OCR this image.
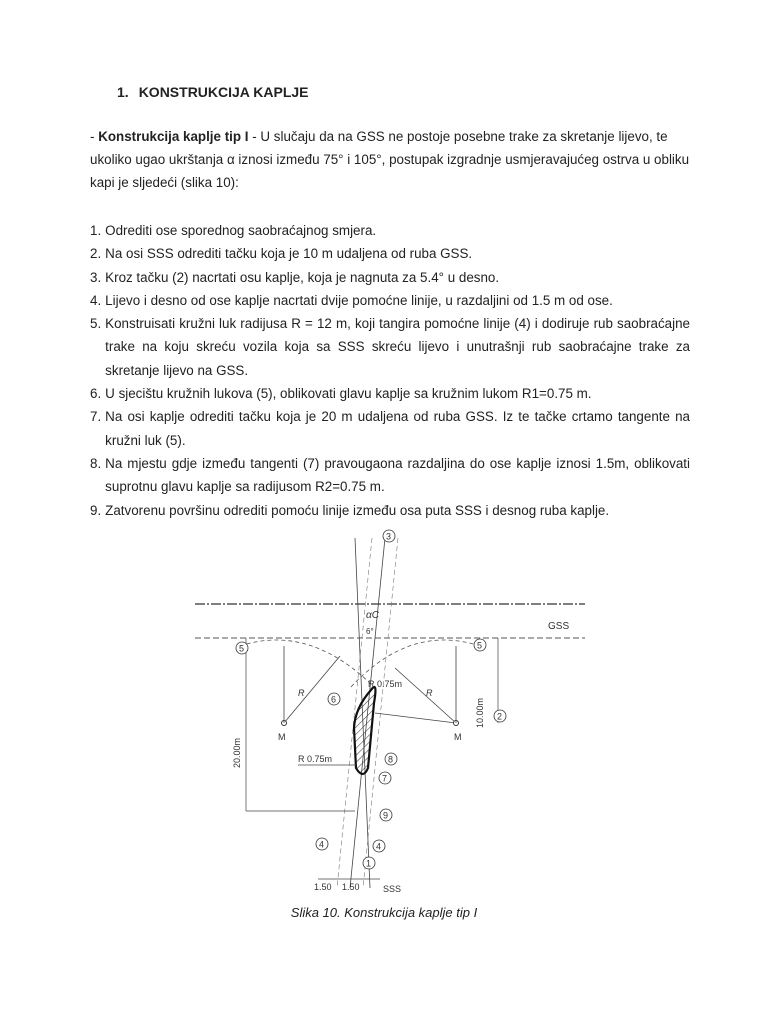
1. KONSTRUKCIJA KAPLJE
- Konstrukcija kaplje tip I - U slučaju da na GSS ne postoje posebne trake za skretanje lijevo, te ukoliko ugao ukrštanja α iznosi između 75° i 105°, postupak izgradnje usmjeravajućeg ostrva u obliku kapi je sljedeći (slika 10):
1. Odrediti ose sporednog saobraćajnog smjera.
2. Na osi SSS odrediti tačku koja je 10 m udaljena od ruba GSS.
3. Kroz tačku (2) nacrtati osu kaplje, koja je nagnuta za 5.4° u desno.
4. Lijevo i desno od ose kaplje nacrtati dvije pomoćne linije, u razdaljini od 1.5 m od ose.
5. Konstruisati kružni luk radijusa R = 12 m, koji tangira pomoćne linije (4) i dodiruje rub saobraćajne trake na koju skreću vozila koja sa SSS skreću lijevo i unutrašnji rub saobraćajne trake za skretanje lijevo na GSS.
6. U sjecištu kružnih lukova (5), oblikovati glavu kaplje sa kružnim lukom R1=0.75 m.
7. Na osi kaplje odrediti tačku koja je 20 m udaljena od ruba GSS. Iz te tačke crtamo tangente na kružni luk (5).
8. Na mjestu gdje između tangenti (7) pravougaona razdaljina do ose kaplje iznosi 1.5m, oblikovati suprotnu glavu kaplje sa radijusom R2=0.75 m.
9. Zatvorenu površinu odrediti pomoću linije između osa puta SSS i desnog ruba kaplje.
GSS
M	M
R	R
R 0.75m
R 0.75m
αC
6°
10.00m
20.00m
1.50 1.50	SSS
3
5	5
6
2
8
7
9
4	4
1
Slika 10. Konstrukcija kaplje tip I
